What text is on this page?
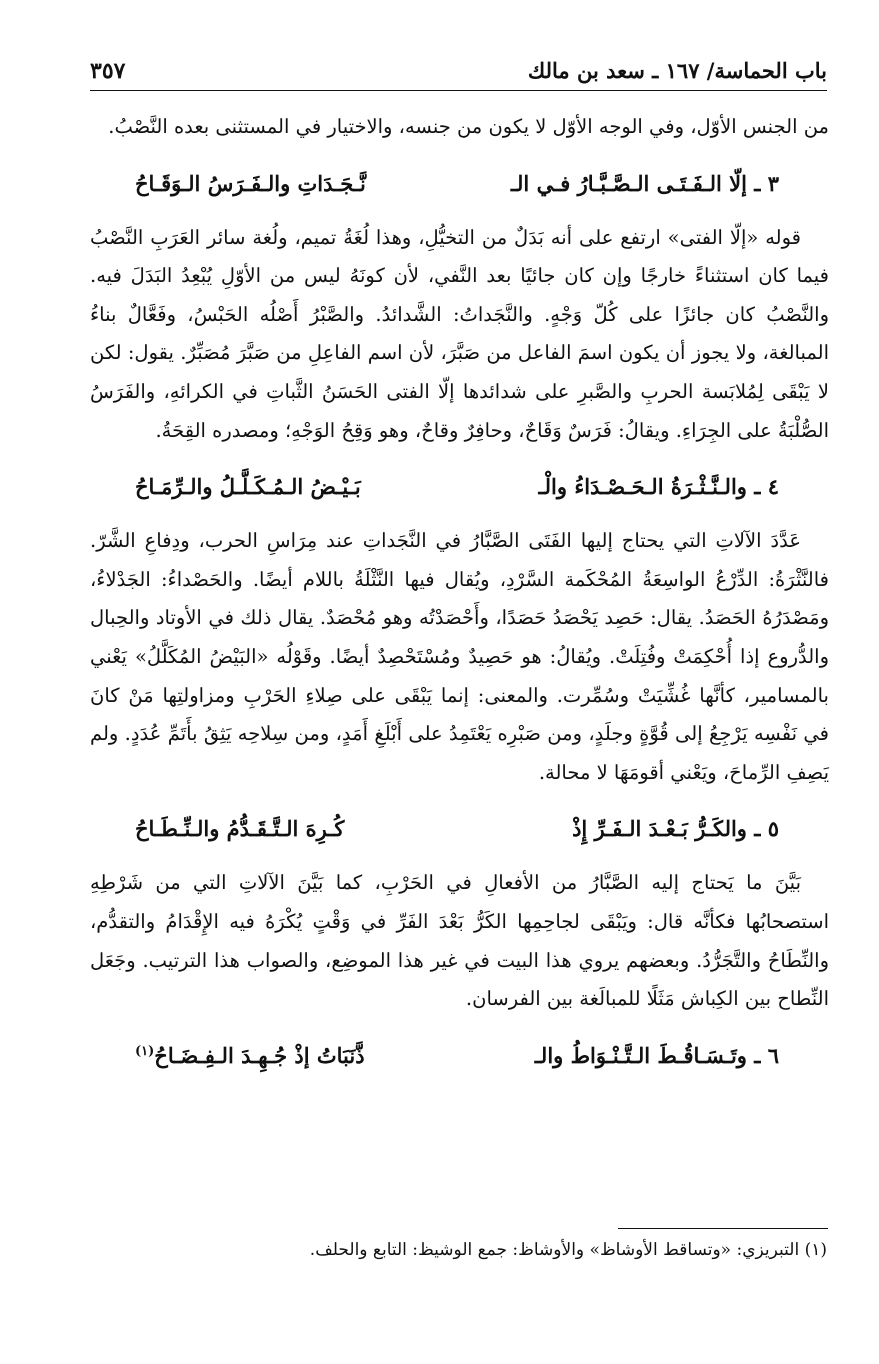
باب الحماسة/ ١٦٧ ـ سعد بن مالك
٣٥٧

من الجنس الأوّل، وفي الوجه الأوّل لا يكون من جنسه، والاختيار في المستثنى بعده النَّصْبُ.

٣ ـ إلّا الـفَـتَـى الـصَّـبَّـارُ فـي الـ
نَّـجَـدَاتِ والـفَـرَسُ الـوَقَـاحُ

قوله «إلّا الفتى» ارتفع على أنه بَدَلٌ من التخيُّلِ، وهذا لُغَةُ تميم، ولُغة سائر العَرَبِ النَّصْبُ فيما كان استثناءً خارجًا وإن كان جائيًا بعد النَّفي، لأن كونَهُ ليس من الأوّلِ يُبْعِدُ البَدَلَ فيه. والنَّصْبُ كان جائزًا على كُلّ وَجْهٍ. والنَّجَداتُ: الشَّدائدُ. والصَّبْرُ أَصْلُه الحَبْسُ، وفَعَّالٌ بناءُ المبالغة، ولا يجوز أن يكون اسمَ الفاعل من صَبَّرَ، لأن اسم الفاعِلِ من صَبَّرَ مُصَبِّرٌ. يقول: لكن لا يَبْقَى لِمُلابَسة الحربِ والصَّبرِ على شدائدها إلّا الفتى الحَسَنُ الثَّباتِ في الكرائهِ، والفَرَسُ الصُّلْبَةُ على الجِرَاءِ. ويقالُ: فَرَسٌ وَقَاحٌ، وحافِرٌ وقاحٌ، وهو وَقِحُ الوَجْهِ؛ ومصدره القِحَةُ.

٤ ـ والـنَّـثْـرَةُ الـحَـصْـدَاءُ والْـ
بَـيْـضُ الـمُـكَـلَّـلُ والـرِّمَـاحُ

عَدَّدَ الآلاتِ التي يحتاج إليها الفَتَى الصَّبَّارُ في النَّجَداتِ عند مِرَاسِ الحرب، ودِفاعِ الشَّرّ. فالنَّثْرَةُ: الدِّرْعُ الواسِعَةُ المُحْكَمة السَّرْدِ، ويُقال فيها النَّثْلَةُ باللام أيضًا. والحَصْداءُ: الجَدْلاءُ، ومَصْدَرُهُ الحَصَدُ. يقال: حَصِد يَحْصَدُ حَصَدًا، وأَحْصَدْتُه وهو مُحْصَدٌ. يقال ذلك في الأوتاد والحِبال والدُّروع إذا أُحْكِمَتْ وفُتِلَتْ. ويُقالُ: هو حَصِيدٌ ومُسْتَحْصِدٌ أيضًا. وقَوْلُه «البَيْضُ المُكَلَّلُ» يَعْني بالمسامير، كأنَّها غُشِّيَتْ وسُمِّرت. والمعنى: إنما يَبْقَى على صِلاءِ الحَرْبِ ومزاولتِها مَنْ كانَ في نَفْسِه يَرْجِعُ إلى قُوَّةٍ وجلَدٍ، ومن صَبْرِه يَعْتَمِدُ على أَبْلَغِ أَمَدٍ، ومن سِلاحِه يَثِقُ بأَتَمِّ عُدَدٍ. ولم يَصِفِ الرِّماحَ، ويَعْني أقومَهَا لا محالة.

٥ ـ والكَـرُّ بَـعْـدَ الـفَـرِّ إِذْ
كُـرِهَ الـتَّـقَـدُّمُ والـنِّـطَـاحُ

بَيَّنَ ما يَحتاج إليه الصَّبَّارُ من الأفعالِ في الحَرْبِ، كما بَيَّنَ الآلاتِ التي من شَرْطِهِ استصحابُها فكأنَّه قال: ويَبْقَى لجاحِمِها الكَرُّ بَعْدَ الفَرِّ في وَقْتٍ يُكْرَهُ فيه الإِقْدَامُ والتقدُّم، والنِّطَاحُ والتَّجَرُّدُ. وبعضهم يروي هذا البيت في غير هذا الموضِع، والصواب هذا الترتيب. وجَعَل النِّطاح بين الكِباش مَثَلًا للمبالَغة بين الفرسان.

٦ ـ وتَـسَـاقُـطَ الـتَّـنْـوَاطُ والـ
ذَّنَبَاتُ إذْ جُـهِـدَ الـفِـضَـاحُ$^{(١)}$
(١) التبريزي: «وتساقط الأوشاظ» والأوشاظ: جمع الوشيظ: التابع والحلف.
